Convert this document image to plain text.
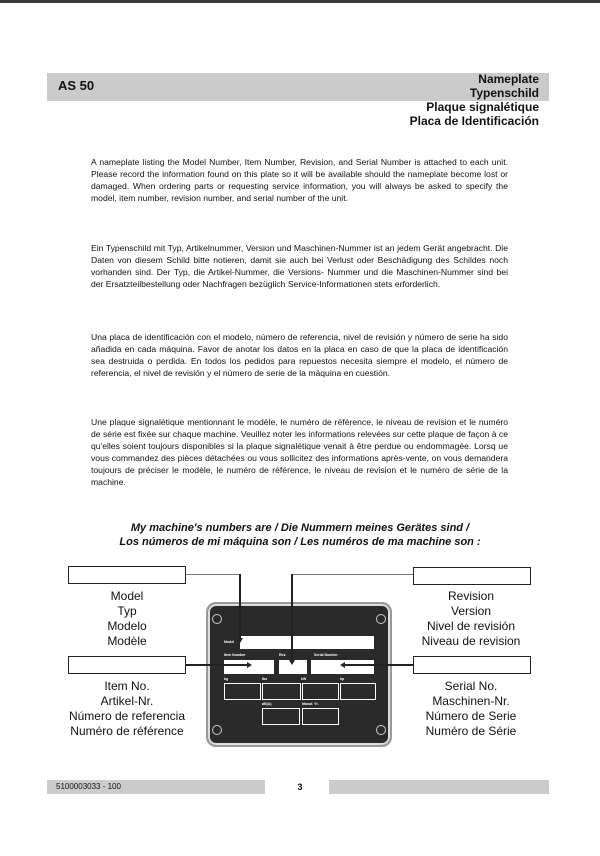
AS 50	Nameplate
Typenschild
Plaque signalétique
Placa de Identificación
A nameplate listing the Model Number, Item Number, Revision, and Serial Number is attached to each unit. Please record the information found on this plate so it will be available should the nameplate become lost or damaged. When ordering parts or requesting service information, you will always be asked to specify the model, item number, revision number, and serial number of the unit.
Ein Typenschild mit Typ, Artikelnummer, Version und Maschinen-Nummer ist an jedem Gerät angebracht. Die Daten von diesem Schild bitte notieren, damit sie auch bei Verlust oder Beschädigung des Schildes noch vorhanden sind. Der Typ, die Artikel-Nummer, die Versions- Nummer und die Maschinen-Nummer sind bei der Ersatzteilbestellung oder Nachfragen bezüglich Service-Informationen stets erforderlich.
Una placa de identificación con el modelo, número de referencia, nivel de revisión y número de serie ha sido añadida en cada máquina. Favor de anotar los datos en la placa en caso de que la placa de identificación sea destruida o perdida. En todos los pedidos para repuestos necesita siempre el modelo, el número de referencia, el nivel de revisión y el número de serie de la máquina en cuestión.
Une plaque signalétique mentionnant le modèle, le numéro de référence, le niveau de revision et le numéro de série est fixée sur chaque machine. Veuillez noter les informations relevées sur cette plaque de façon à ce qu'elles soient toujours disponibles si la plaque signalétique venait à être perdue ou endommagée. Lorsq ue vous commandez des pièces détachées ou vous sollicitez des informations après-vente, on vous demandera toujours de préciser le modèle, le numéro de référence, le niveau de revision et le numéro de série de la machine.
My machine's numbers are / Die Nummern meines Gerätes sind /
Los números de mi máquina son / Les numéros de ma machine son :
Model
Typ
Modelo
Modèle
Item No.
Artikel-Nr.
Número de referencia
Numéro de référence
Revision
Version
Nivel de revisión
Niveau de revision
Serial No.
Maschinen-Nr.
Número de Serie
Numéro de Série
Model
Item Number	Rev.	Serial Number
kg	lbs	kW	hp
dB(A)	Manuf. Yr.
5100003033 - 100	3
